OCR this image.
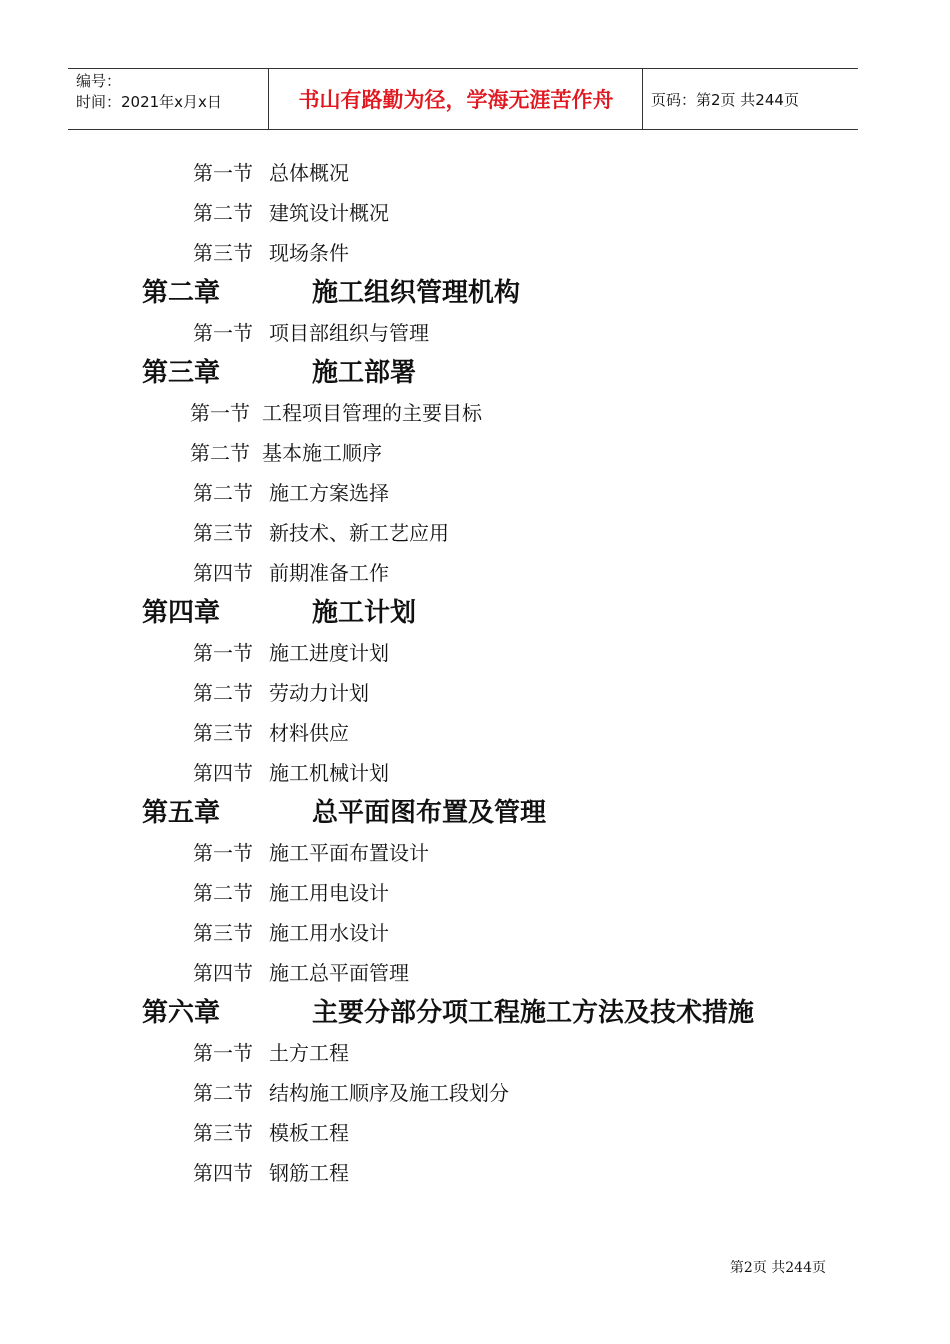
编号：
时间：2021年x月x日	书山有路勤为径，学海无涯苦作舟	页码：第2页 共244页
第一节 总体概况
第二节 建筑设计概况
第三节 现场条件
第二章	施工组织管理机构
第一节 项目部组织与管理
第三章	施工部署
第一节 工程项目管理的主要目标
第二节 基本施工顺序
第二节 施工方案选择
第三节 新技术、新工艺应用
第四节 前期准备工作
第四章	施工计划
第一节 施工进度计划
第二节 劳动力计划
第三节 材料供应
第四节 施工机械计划
第五章	总平面图布置及管理
第一节 施工平面布置设计
第二节 施工用电设计
第三节 施工用水设计
第四节 施工总平面管理
第六章	主要分部分项工程施工方法及技术措施
第一节 土方工程
第二节 结构施工顺序及施工段划分
第三节 模板工程
第四节 钢筋工程
第2页 共244页
